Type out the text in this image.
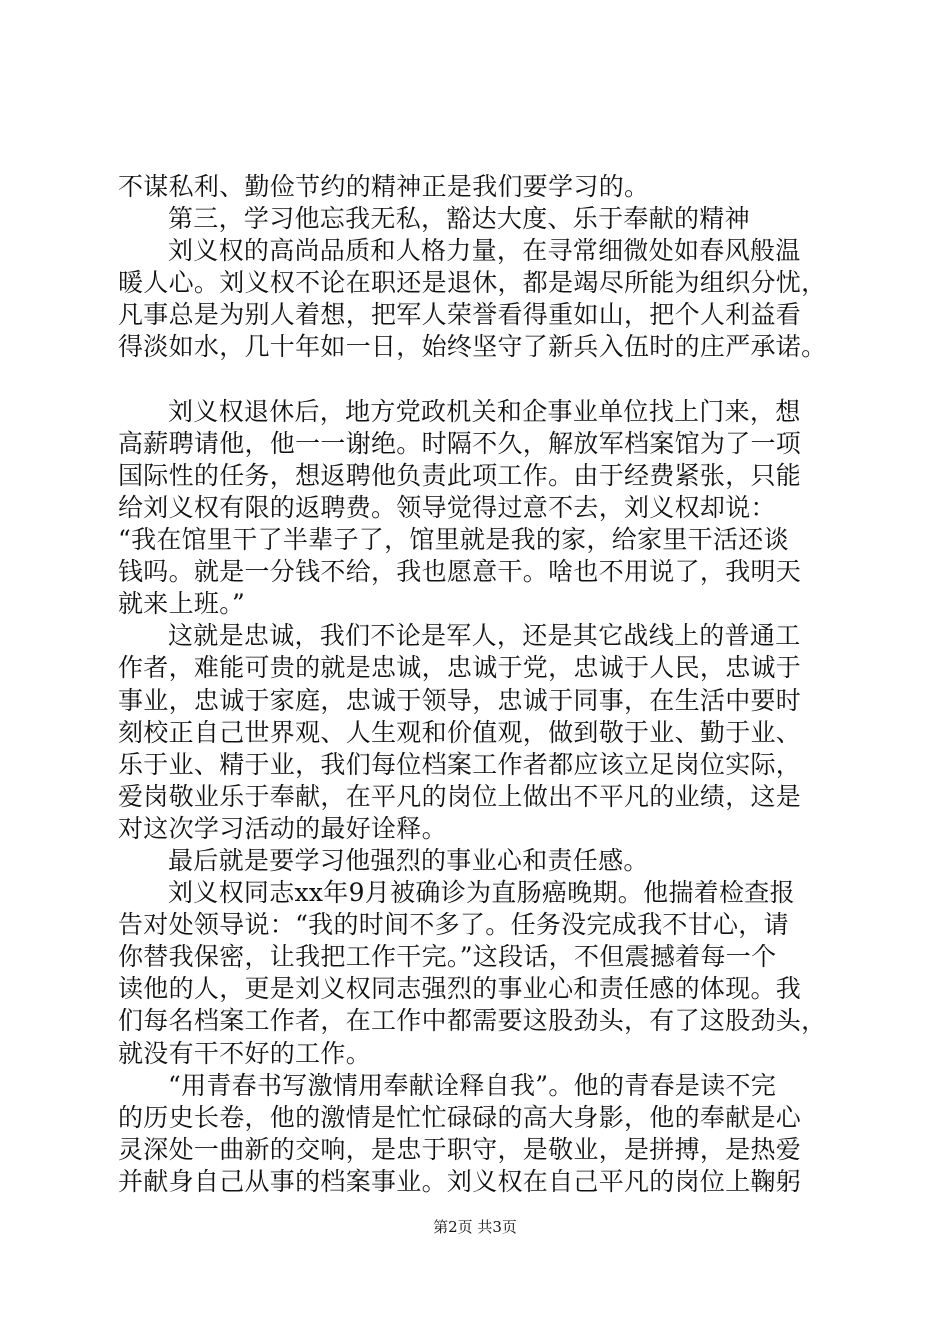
不谋私利、勤俭节约的精神正是我们要学习的。
第三，学习他忘我无私，豁达大度、乐于奉献的精神
刘义权的高尚品质和人格力量，在寻常细微处如春风般温
暖人心。刘义权不论在职还是退休，都是竭尽所能为组织分忧，
凡事总是为别人着想，把军人荣誉看得重如山，把个人利益看
得淡如水，几十年如一日，始终坚守了新兵入伍时的庄严承诺。
刘义权退休后，地方党政机关和企事业单位找上门来，想
高薪聘请他，他一一谢绝。时隔不久，解放军档案馆为了一项
国际性的任务，想返聘他负责此项工作。由于经费紧张，只能
给刘义权有限的返聘费。领导觉得过意不去，刘义权却说：
“我在馆里干了半辈子了，馆里就是我的家，给家里干活还谈
钱吗。就是一分钱不给，我也愿意干。啥也不用说了，我明天
就来上班。”
这就是忠诚，我们不论是军人，还是其它战线上的普通工
作者，难能可贵的就是忠诚，忠诚于党，忠诚于人民，忠诚于
事业，忠诚于家庭，忠诚于领导，忠诚于同事，在生活中要时
刻校正自己世界观、人生观和价值观，做到敬于业、勤于业、
乐于业、精于业，我们每位档案工作者都应该立足岗位实际，
爱岗敬业乐于奉献，在平凡的岗位上做出不平凡的业绩，这是
对这次学习活动的最好诠释。
最后就是要学习他强烈的事业心和责任感。
刘义权同志xx年9月被确诊为直肠癌晚期。他揣着检查报
告对处领导说：“我的时间不多了。任务没完成我不甘心，请
你替我保密，让我把工作干完。”这段话，不但震撼着每一个
读他的人，更是刘义权同志强烈的事业心和责任感的体现。我
们每名档案工作者，在工作中都需要这股劲头，有了这股劲头，
就没有干不好的工作。
“用青春书写激情用奉献诠释自我”。他的青春是读不完
的历史长卷，他的激情是忙忙碌碌的高大身影，他的奉献是心
灵深处一曲新的交响，是忠于职守，是敬业，是拼搏，是热爱
并献身自己从事的档案事业。刘义权在自己平凡的岗位上鞠躬
第2页 共3页
